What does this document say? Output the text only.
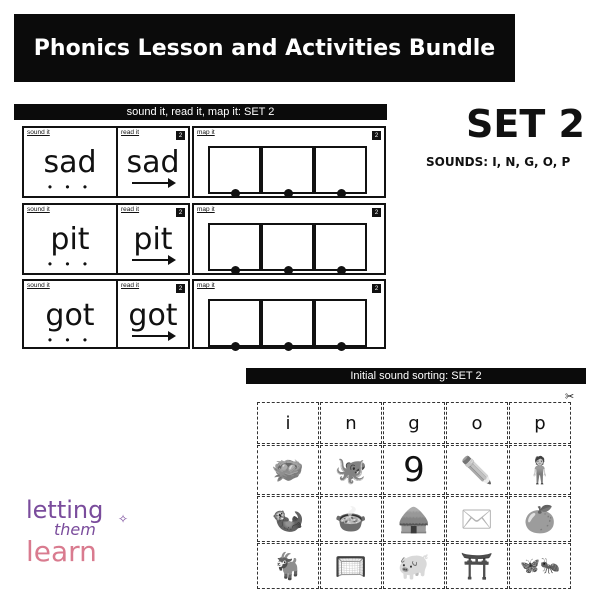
Phonics Lesson and Activities Bundle
sound it, read it, map it: SET 2
sound it
sad
• • •
read it	2
sad
map it	2
sound it
pit
• • •
read it	2
pit
map it	2
sound it
got
• • •
read it	2
got
map it	2
SET 2
SOUNDS: I, N, G, O, P
Initial sound sorting: SET 2
✂
i	n	g	o	p
🪺 🐙 9 ✏️ 🧍
🦦 🍲 🛖 ✉️ 🍊
🐐 🥅 🐖 ⛩️ 🦋🐜
letting
them
learn
✧
